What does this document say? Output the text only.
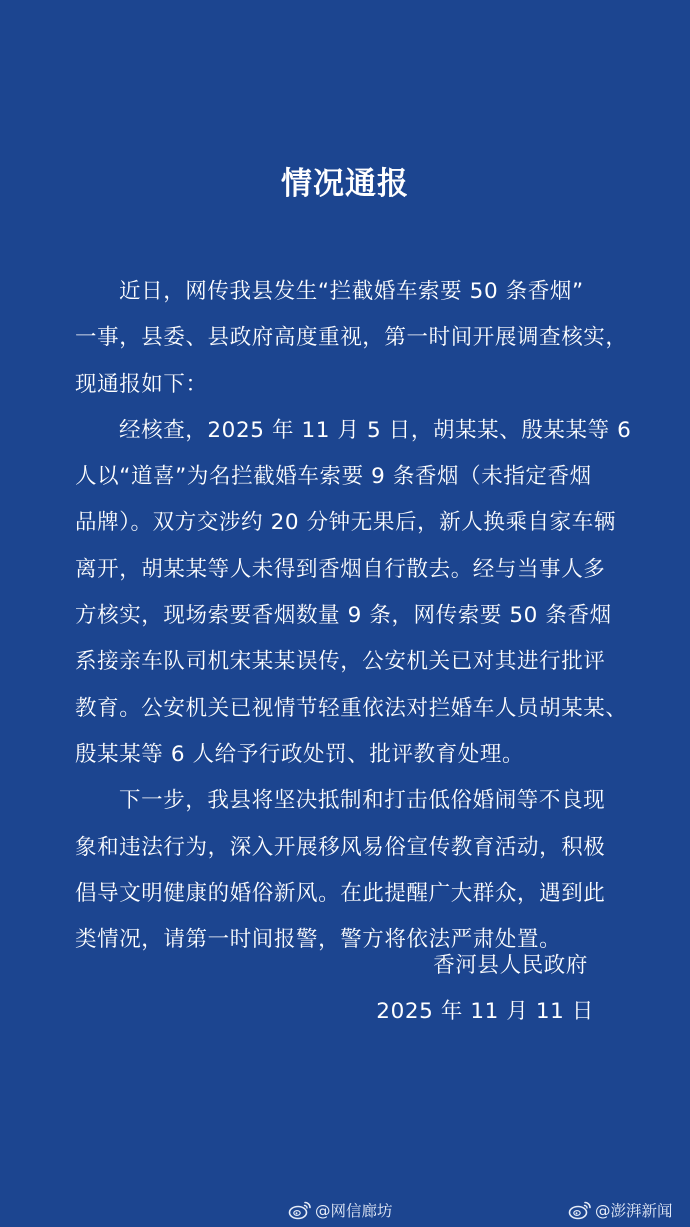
情况通报
近日，网传我县发生“拦截婚车索要 50 条香烟”
一事，县委、县政府高度重视，第一时间开展调查核实，
现通报如下：
经核查，2025 年 11 月 5 日，胡某某、殷某某等 6
人以“道喜”为名拦截婚车索要 9 条香烟（未指定香烟
品牌）。双方交涉约 20 分钟无果后，新人换乘自家车辆
离开，胡某某等人未得到香烟自行散去。经与当事人多
方核实，现场索要香烟数量 9 条，网传索要 50 条香烟
系接亲车队司机宋某某误传，公安机关已对其进行批评
教育。公安机关已视情节轻重依法对拦婚车人员胡某某、
殷某某等 6 人给予行政处罚、批评教育处理。
下一步，我县将坚决抵制和打击低俗婚闹等不良现
象和违法行为，深入开展移风易俗宣传教育活动，积极
倡导文明健康的婚俗新风。在此提醒广大群众，遇到此
类情况，请第一时间报警，警方将依法严肃处置。
香河县人民政府
2025 年 11 月 11 日
@网信廊坊	@澎湃新闻
